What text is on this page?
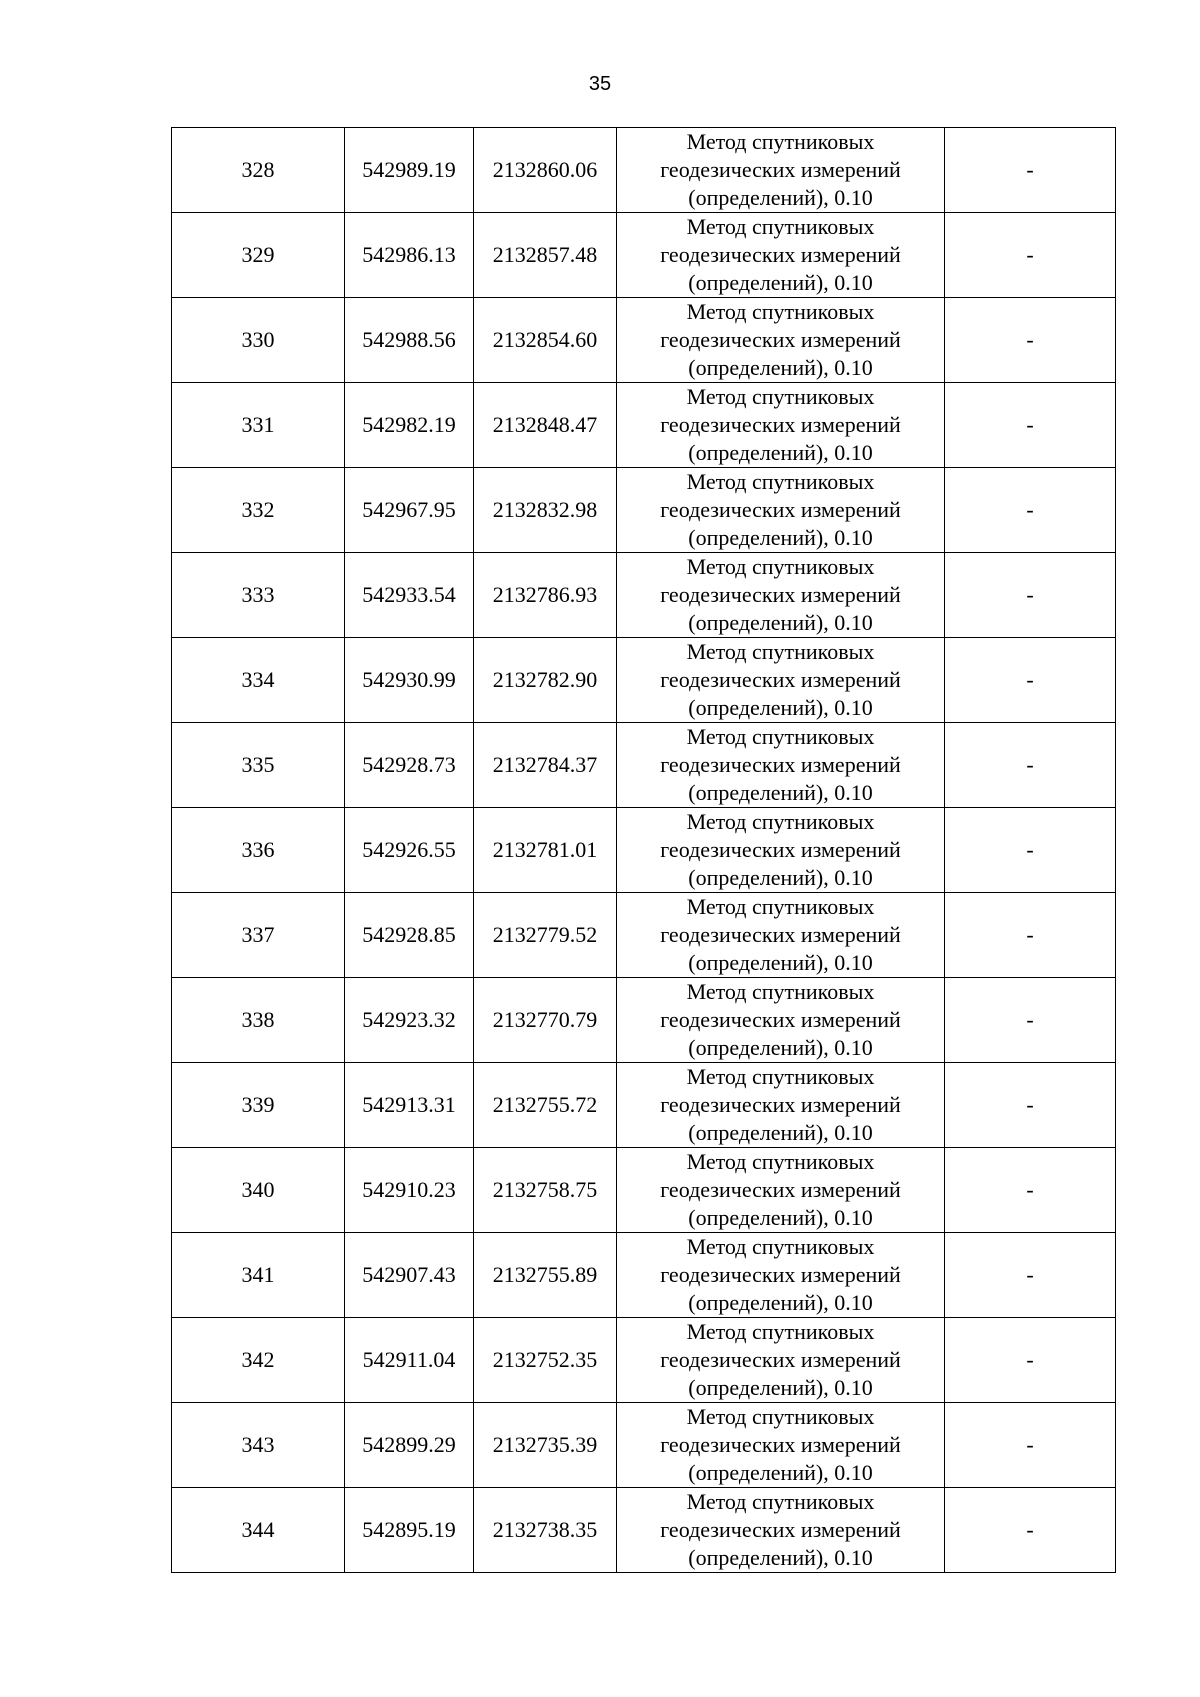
35
328	542989.19	2132860.06	Метод спутниковых
геодезических измерений
(определений), 0.10	-
329	542986.13	2132857.48	Метод спутниковых
геодезических измерений
(определений), 0.10	-
330	542988.56	2132854.60	Метод спутниковых
геодезических измерений
(определений), 0.10	-
331	542982.19	2132848.47	Метод спутниковых
геодезических измерений
(определений), 0.10	-
332	542967.95	2132832.98	Метод спутниковых
геодезических измерений
(определений), 0.10	-
333	542933.54	2132786.93	Метод спутниковых
геодезических измерений
(определений), 0.10	-
334	542930.99	2132782.90	Метод спутниковых
геодезических измерений
(определений), 0.10	-
335	542928.73	2132784.37	Метод спутниковых
геодезических измерений
(определений), 0.10	-
336	542926.55	2132781.01	Метод спутниковых
геодезических измерений
(определений), 0.10	-
337	542928.85	2132779.52	Метод спутниковых
геодезических измерений
(определений), 0.10	-
338	542923.32	2132770.79	Метод спутниковых
геодезических измерений
(определений), 0.10	-
339	542913.31	2132755.72	Метод спутниковых
геодезических измерений
(определений), 0.10	-
340	542910.23	2132758.75	Метод спутниковых
геодезических измерений
(определений), 0.10	-
341	542907.43	2132755.89	Метод спутниковых
геодезических измерений
(определений), 0.10	-
342	542911.04	2132752.35	Метод спутниковых
геодезических измерений
(определений), 0.10	-
343	542899.29	2132735.39	Метод спутниковых
геодезических измерений
(определений), 0.10	-
344	542895.19	2132738.35	Метод спутниковых
геодезических измерений
(определений), 0.10	-
